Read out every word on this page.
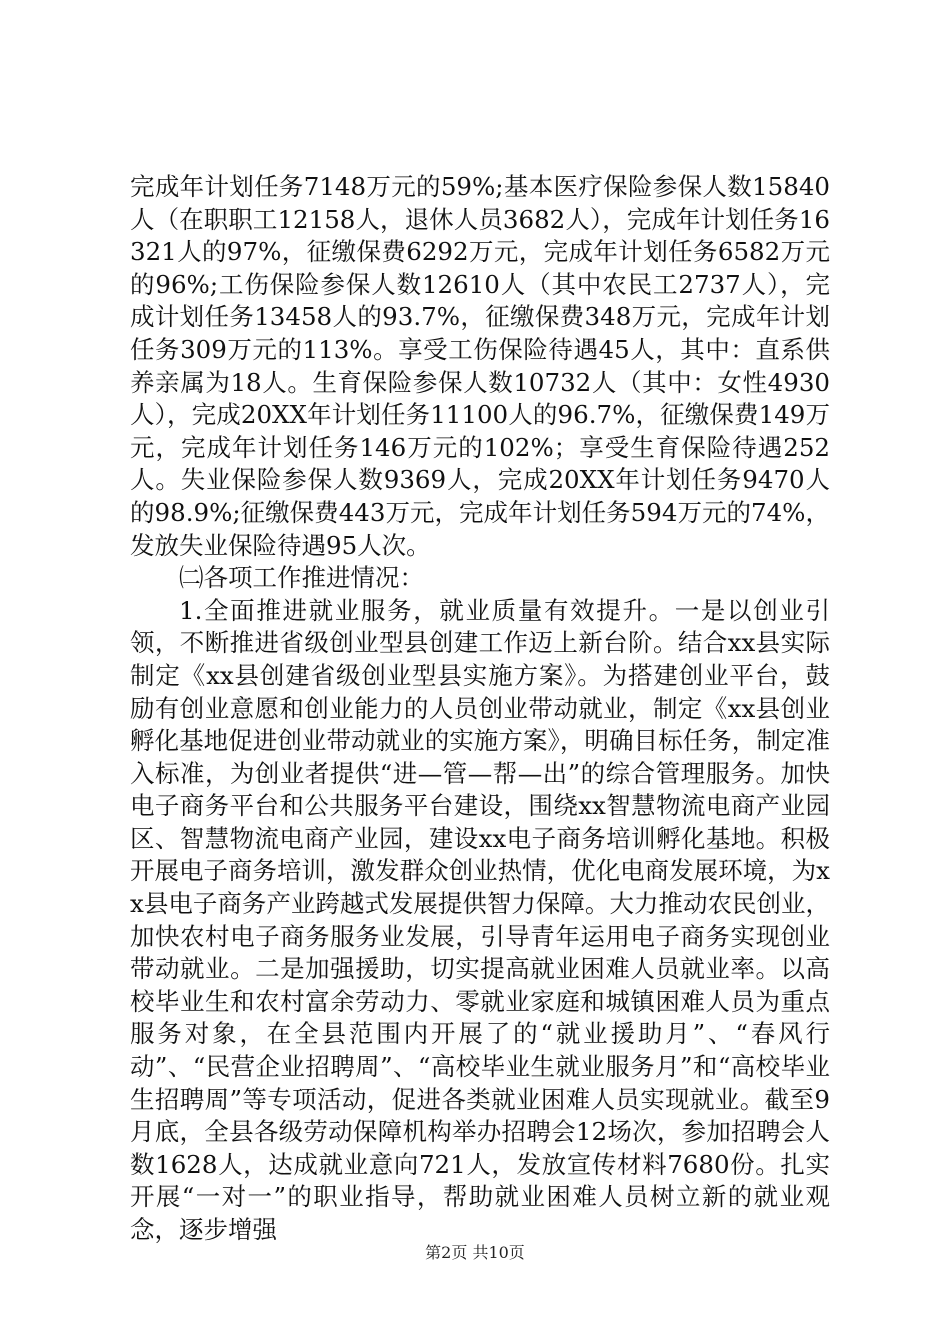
完成年计划任务7148万元的59%;基本医疗保险参保人数15840人（在职职工12158人，退休人员3682人），完成年计划任务16321人的97%，征缴保费6292万元，完成年计划任务6582万元的96%;工伤保险参保人数12610人（其中农民工2737人），完成计划任务13458人的93.7%，征缴保费348万元，完成年计划任务309万元的113%。享受工伤保险待遇45人，其中：直系供养亲属为18人。生育保险参保人数10732人（其中：女性4930人），完成20XX年计划任务11100人的96.7%，征缴保费149万元，完成年计划任务146万元的102%；享受生育保险待遇252人。失业保险参保人数9369人，完成20XX年计划任务9470人的98.9%;征缴保费443万元，完成年计划任务594万元的74%，发放失业保险待遇95人次。

㈡各项工作推进情况：

1.全面推进就业服务，就业质量有效提升。一是以创业引领，不断推进省级创业型县创建工作迈上新台阶。结合xx县实际制定《xx县创建省级创业型县实施方案》。为搭建创业平台，鼓励有创业意愿和创业能力的人员创业带动就业，制定《xx县创业孵化基地促进创业带动就业的实施方案》，明确目标任务，制定准入标准，为创业者提供“进—管—帮—出”的综合管理服务。加快电子商务平台和公共服务平台建设，围绕xx智慧物流电商产业园区、智慧物流电商产业园，建设xx电子商务培训孵化基地。积极开展电子商务培训，激发群众创业热情，优化电商发展环境，为xx县电子商务产业跨越式发展提供智力保障。大力推动农民创业，加快农村电子商务服务业发展，引导青年运用电子商务实现创业带动就业。二是加强援助，切实提高就业困难人员就业率。以高校毕业生和农村富余劳动力、零就业家庭和城镇困难人员为重点服务对象，在全县范围内开展了的“就业援助月”、“春风行动”、“民营企业招聘周”、“高校毕业生就业服务月”和“高校毕业生招聘周”等专项活动，促进各类就业困难人员实现就业。截至9月底，全县各级劳动保障机构举办招聘会12场次，参加招聘会人数1628人，达成就业意向721人，发放宣传材料7680份。扎实开展“一对一”的职业指导，帮助就业困难人员树立新的就业观念，逐步增强

第2页 共10页
